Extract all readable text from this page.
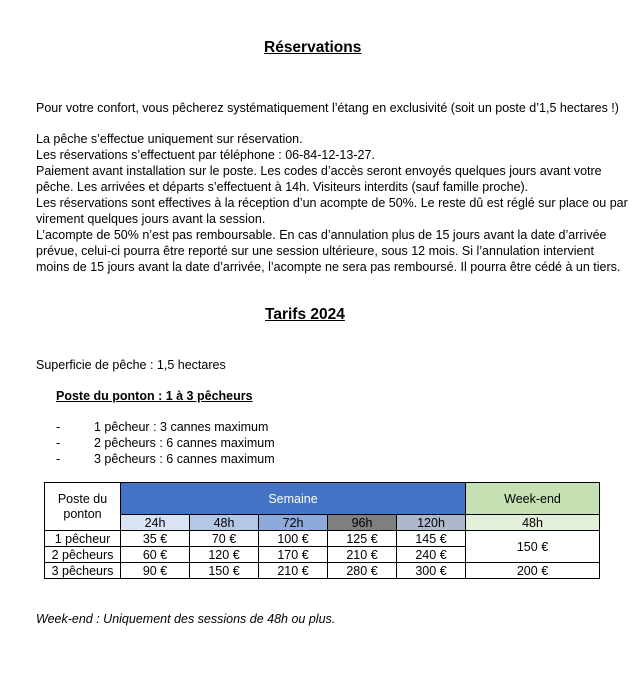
Réservations
Pour votre confort, vous pêcherez systématiquement l’étang en exclusivité (soit un poste d’1,5 hectares !)
La pêche s’effectue uniquement sur réservation.
Les réservations s’effectuent par téléphone : 06-84-12-13-27.
Paiement avant installation sur le poste. Les codes d’accès seront envoyés quelques jours avant votre
pêche. Les arrivées et départs s’effectuent à 14h. Visiteurs interdits (sauf famille proche).
Les réservations sont effectives à la réception d’un acompte de 50%. Le reste dû est réglé sur place ou par
virement quelques jours avant la session.
L’acompte de 50% n’est pas remboursable. En cas d’annulation plus de 15 jours avant la date d’arrivée
prévue, celui-ci pourra être reporté sur une session ultérieure, sous 12 mois. Si l’annulation intervient
moins de 15 jours avant la date d’arrivée, l’acompte ne sera pas remboursé. Il pourra être cédé à un tiers.
Tarifs 2024
Superficie de pêche : 1,5 hectares
Poste du ponton : 1 à 3 pêcheurs
-	1 pêcheur : 3 cannes maximum
-	2 pêcheurs : 6 cannes maximum
-	3 pêcheurs : 6 cannes maximum
Poste du
ponton	Semaine					Week-end
	24h	48h	72h	96h	120h	48h
1 pêcheur	35 €	70 €	100 €	125 €	145 €	150 €
2 pêcheurs	60 €	120 €	170 €	210 €	240 €	
3 pêcheurs	90 €	150 €	210 €	280 €	300 €	200 €
Week-end : Uniquement des sessions de 48h ou plus.
